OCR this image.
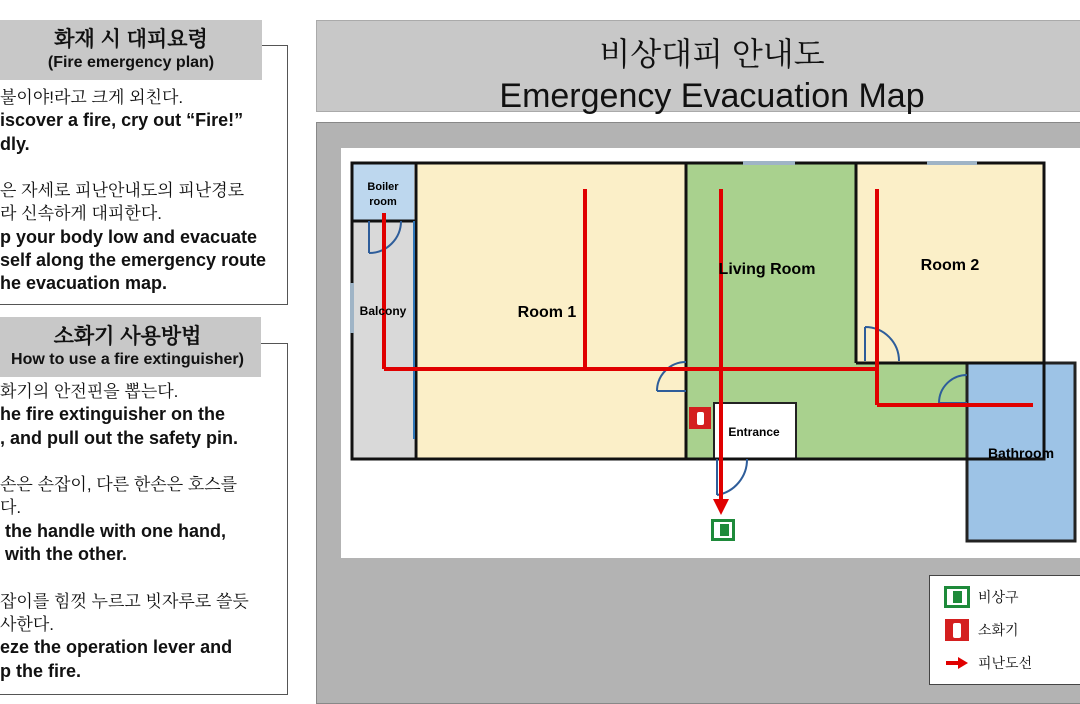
화재 시 대피요령
(Fire emergency plan)
불이야!라고 크게 외친다.
iscover a fire, cry out “Fire!”
dly.

은 자세로 피난안내도의 피난경로
라 신속하게 대피한다.
p your body low and evacuate
self along the emergency route
he evacuation map.
소화기 사용방법
How to use a fire extinguisher)
화기의 안전핀을 뽑는다.
he fire extinguisher on the
, and pull out the safety pin.

손은 손잡이, 다른 한손은 호스를
다.
the handle with one hand,
with the other.

잡이를 힘껏 누르고 빗자루로 쓸듯
사한다.
eze the operation lever and
p the fire.
비상대피 안내도
Emergency Evacuation Map
Boiler room
Balcony	Room 1
Living Room	Room 2
Entrance
Bathroom
비상구
소화기
피난도선
